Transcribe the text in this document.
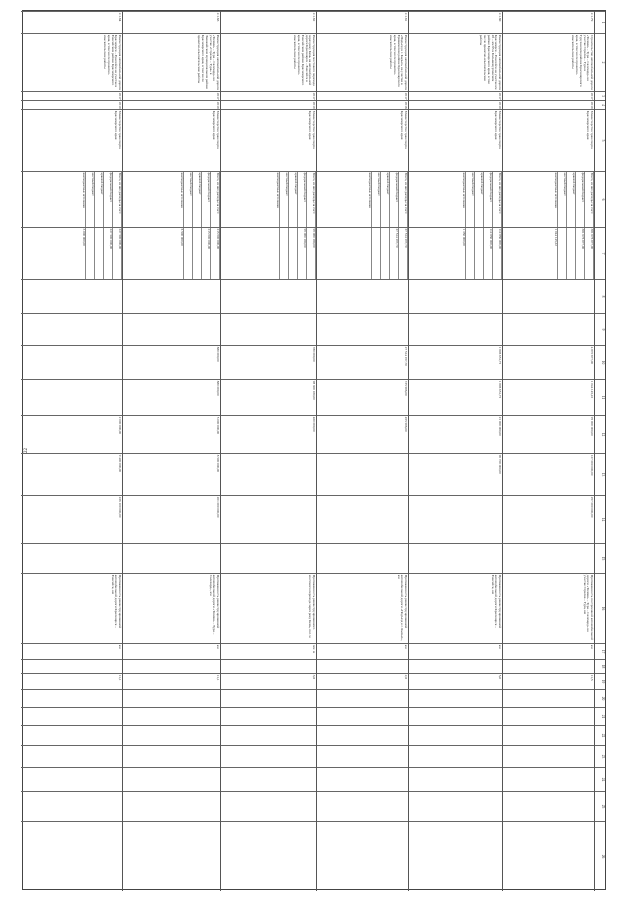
22
1
2
3
4
5
6
7
8
9
10
11
12
13
14
15
16
17
18
19
20
21
22
23
24
25
26
2.1.79
Строительство автомобильной дороги «Тюмень – Тура – Салехард» на участке Стрелка – Тура в Туруханском районе Красноярского края, в том числе проектно-изыскательские работы
2017
2019
Министерство транспорта Красноярского края
Всего, из них расходы за счет:
федеральный бюджет
краевой бюджет
местный бюджет
внебюджетные источники
381 676 877,00
381 676 877,00
1 044 145,22
4 870 877,00
1 044 145,22
95 000 000,00
127 000 000,00
297 000 000,00
Протяженность построенной автомобильной дороги «Тюмень – Тура – Салехард» на участке Стрелка – Тура, км
км
11,5
2.1.80
Реконструкция автомобильной дороги Красноярск – Енисейск на участке км 45 – км 65 в Большемуртинском районе Красноярского края, в том числе проектно-изыскательские работы
2017
2019
Министерство транспорта Красноярского края
Всего, из них расходы за счет:
федеральный бюджет
краевой бюджет
местный бюджет
внебюджетные источники
112 850 000,00
112 850 000,00
1 350 000,00
1 806 651,75
1 806 651,75
21 000 000,00
90 700 000,00
Протяженность реконструированной автомобильной дороги Красноярск – Енисейск, км
км
5,0
2.1.81
Реконструкция автомобильной дороги «Подъезд к г. Кызыл» на участке в Ермаковском районе Красноярского края, в том числе проектно-изыскательские работы
2017
2018
Министерство транспорта Красноярского края
Всего, из них расходы за счет:
федеральный бюджет
краевой бюджет
местный бюджет
внебюджетные источники
27 514 197,70
27 514 197,70
27 514 197,70
735 906,00
495 906,00
Протяженность реконструированной автомобильной дороги «Подъезд к г. Кызыл», км
км
2,8
2.1.82
Реконструкция мостового перехода через реку Кемь на автомобильной дороге Красноярск – Енисейск в Енисейском районе Красноярского края, в том числе проектно-изыскательские работы
2017
2019
Министерство транспорта Красноярского края
Всего, из них расходы за счет:
федеральный бюджет
краевой бюджет
местный бюджет
внебюджетные источники
99 080 180,00
99 080 180,00
780 000,00
98 300 180,00
460 000,00
Протяженность реконструированного мостового перехода через реку Кемь, пог. м
пог. м
3,8
2.1.83
Реконструкция автомобильной дороги «Тюмень – Тура – Салехард» на участке «Стрелка – Тура» в Эвенкийском муниципальном районе Красноярского края, в том числе проектно-изыскательские работы
2017
2019
Министерство транспорта Красноярского края
Всего, из них расходы за счет:
федеральный бюджет
краевой бюджет
местный бюджет
внебюджетные источники
215 900 000,00
215 900 000,00
6 500 000,00
880 000,00
880 000,00
5 000 000,00
8 500 000,00
201 000 000,00
Протяженность реконструированной автомобильной дороги «Тюмень – Тура – Салехард», км
км
11,1
2.1.84
Реконструкция автомобильной дороги Красноярск – Енисейск на участке в Енисейском районе Красноярского края, в том числе проектно-изыскательские работы
2017
2019
Министерство транспорта Красноярского края
Всего, из них расходы за счет:
федеральный бюджет
краевой бюджет
местный бюджет
внебюджетные источники
237 500 000,00
237 500 000,00
3 000 000,00
2 000 000,00
9 400 000,00
226 100 000,00
Протяженность реконструированной автомобильной дороги Красноярск – Енисейск, км
км
11,1
